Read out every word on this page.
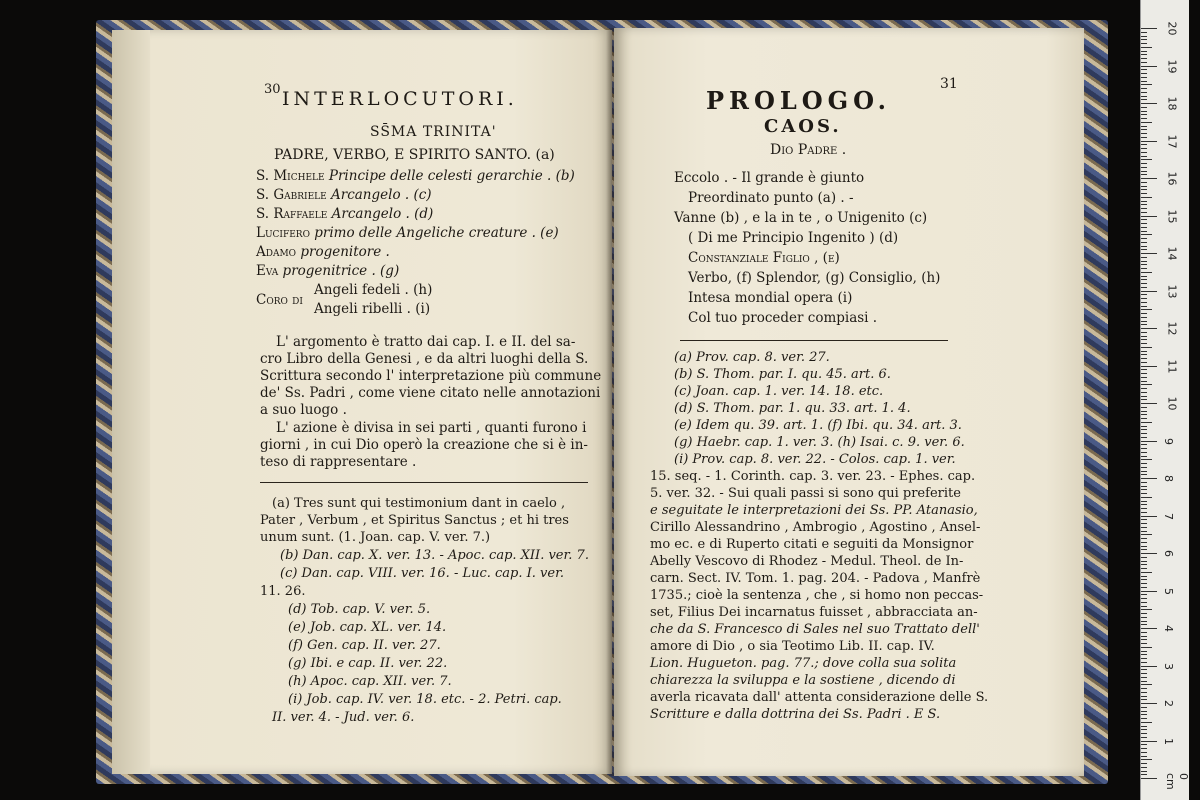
30 INTERLOCUTORI.
SS̄MA TRINITA'
PADRE, VERBO, E SPIRITO SANTO. (a)
S. Michele Principe delle celesti gerarchie . (b)
S. Gabriele Arcangelo . (c)
S. Raffaele Arcangelo . (d)
Lucifero primo delle Angeliche creature . (e)
Adamo progenitore .
Eva progenitrice . (g)
Coro di
Angeli fedeli . (h)
Angeli ribelli . (i)
L' argomento è tratto dai cap. I. e II. del sa-
cro Libro della Genesi , e da altri luoghi della S.
Scrittura secondo l' interpretazione più commune
de' Ss. Padri , come viene citato nelle annotazioni
a suo luogo .
L' azione è divisa in sei parti , quanti furono i
giorni , in cui Dio operò la creazione che si è in-
teso di rappresentare .
(a) Tres sunt qui testimonium dant in caelo ,
Pater , Verbum , et Spiritus Sanctus ; et hi tres
unum sunt. (1. Joan. cap. V. ver. 7.)
(b) Dan. cap. X. ver. 13. - Apoc. cap. XII. ver. 7.
(c) Dan. cap. VIII. ver. 16. - Luc. cap. I. ver.
11. 26.
(d) Tob. cap. V. ver. 5.
(e) Job. cap. XL. ver. 14.
(f) Gen. cap. II. ver. 27.
(g) Ibi. e cap. II. ver. 22.
(h) Apoc. cap. XII. ver. 7.
(i) Job. cap. IV. ver. 18. etc. - 2. Petri. cap.
II. ver. 4. - Jud. ver. 6.
PROLOGO.
31
CAOS.
Dio Padre .
Eccolo . - Il grande è giunto
Preordinato punto (a) . -
Vanne (b) , e la in te , o Unigenito (c)
( Di me Principio Ingenito ) (d)
Constanziale Figlio , (e)
Verbo, (f) Splendor, (g) Consiglio, (h)
Intesa mondial opera (i)
Col tuo proceder compiasi .
(a) Prov. cap. 8. ver. 27.
(b) S. Thom. par. I. qu. 45. art. 6.
(c) Joan. cap. 1. ver. 14. 18. etc.
(d) S. Thom. par. 1. qu. 33. art. 1. 4.
(e) Idem qu. 39. art. 1. (f) Ibi. qu. 34. art. 3.
(g) Haebr. cap. 1. ver. 3. (h) Isai. c. 9. ver. 6.
(i) Prov. cap. 8. ver. 22. - Colos. cap. 1. ver.
15. seq. - 1. Corinth. cap. 3. ver. 23. - Ephes. cap.
5. ver. 32. - Sui quali passi si sono qui preferite
e seguitate le interpretazioni dei Ss. PP. Atanasio,
Cirillo Alessandrino , Ambrogio , Agostino , Ansel-
mo ec. e di Ruperto citati e seguiti da Monsignor
Abelly Vescovo di Rhodez - Medul. Theol. de In-
carn. Sect. IV. Tom. 1. pag. 204. - Padova , Manfrè
1735.; cioè la sentenza , che , si homo non peccas-
set, Filius Dei incarnatus fuisset , abbracciata an-
che da S. Francesco di Sales nel suo Trattato dell'
amore di Dio , o sia Teotimo Lib. II. cap. IV.
Lion. Hugueton. pag. 77.; dove colla sua solita
chiarezza la sviluppa e la sostiene , dicendo di
averla ricavata dall' attenta considerazione delle S.
Scritture e dalla dottrina dei Ss. Padri . E S.
20
19
18
17
16
15
14
13
12
11
10
9
8
7
6
5
4
3
2
1
0 cm
